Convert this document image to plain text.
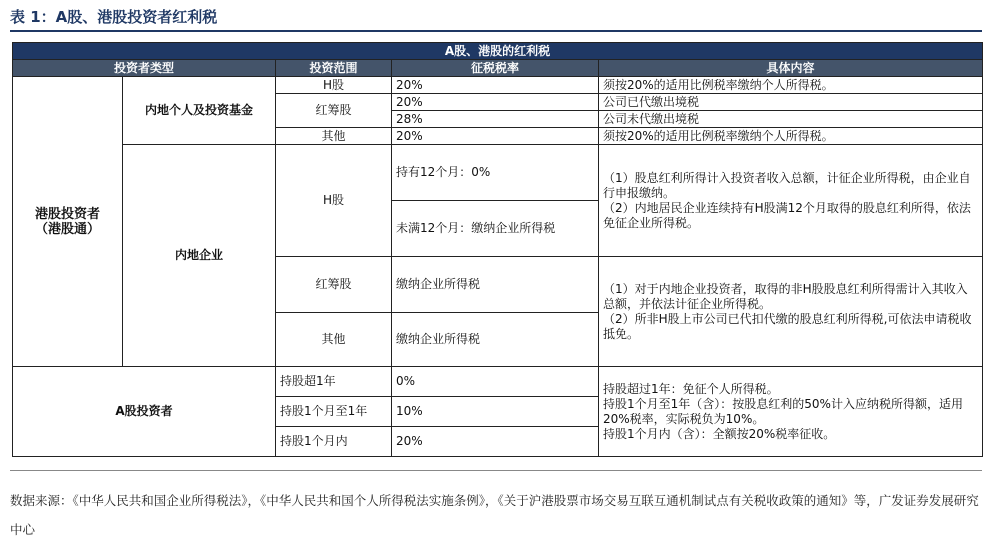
表 1：A股、港股投资者红利税
A股、港股的红利税				
投资者类型		投资范围	征税税率	具体内容
港股投资者
（港股通）	内地个人及投资基金	H股	20%	须按20%的适用比例税率缴纳个人所得税。
		红筹股	20%	公司已代缴出境税
			28%	公司未代缴出境税
		其他	20%	须按20%的适用比例税率缴纳个人所得税。
	内地企业	H股	持有12个月：0%	（1）股息红利所得计入投资者收入总额，计征企业所得税，由企业自行申报缴纳。
（2）内地居民企业连续持有H股满12个月取得的股息红利所得，依法免征企业所得税。
			未满12个月：缴纳企业所得税	
		红筹股	缴纳企业所得税	（1）对于内地企业投资者，取得的非H股股息红利所得需计入其收入总额，并依法计征企业所得税。
（2）所非H股上市公司已代扣代缴的股息红利所得税,可依法申请税收抵免。

		其他	缴纳企业所得税	

A股投资者		持股超1年	0%	持股超过1年：免征个人所得税。
持股1个月至1年（含）：按股息红利的50%计入应纳税所得额，适用20%税率，实际税负为10%。
持股1个月内（含）：全额按20%税率征收。
		持股1个月至1年	10%	
		持股1个月内	20%	
数据来源：《中华人民共和国企业所得税法》，《中华人民共和国个人所得税法实施条例》，《关于沪港股票市场交易互联互通机制试点有关税收政策的通知》等，广发证券发展研究中心
